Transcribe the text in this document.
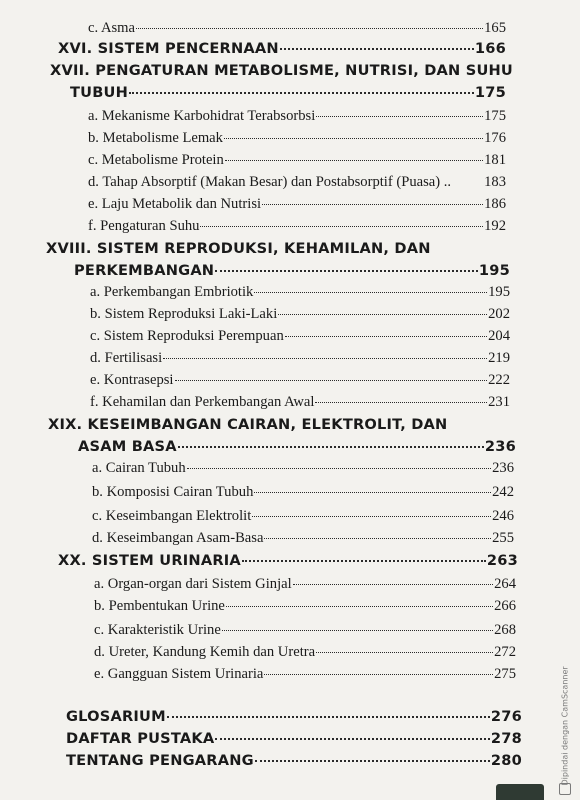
c. Asma	165
XVI. SISTEM PENCERNAAN	166
XVII. PENGATURAN METABOLISME, NUTRISI, DAN SUHU
TUBUH	175
a. Mekanisme Karbohidrat Terabsorbsi	175
b. Metabolisme Lemak	176
c. Metabolisme Protein	181
d. Tahap Absorptif (Makan Besar) dan Postabsorptif (Puasa) .. 183
e. Laju Metabolik dan Nutrisi	186
f. Pengaturan Suhu	192
XVIII. SISTEM REPRODUKSI, KEHAMILAN, DAN
PERKEMBANGAN	195
a. Perkembangan Embriotik	195
b. Sistem Reproduksi Laki-Laki	202
c. Sistem Reproduksi Perempuan	204
d. Fertilisasi	219
e. Kontrasepsi	222
f. Kehamilan dan Perkembangan Awal	231
XIX. KESEIMBANGAN CAIRAN, ELEKTROLIT, DAN
ASAM BASA	236
a. Cairan Tubuh	236
b. Komposisi Cairan Tubuh	242
c. Keseimbangan Elektrolit	246
d. Keseimbangan Asam-Basa	255
XX. SISTEM URINARIA	263
a. Organ-organ dari Sistem Ginjal	264
b. Pembentukan Urine	266
c. Karakteristik Urine	268
d. Ureter, Kandung Kemih dan Uretra	272
e. Gangguan Sistem Urinaria	275
GLOSARIUM	276
DAFTAR PUSTAKA	278
TENTANG PENGARANG	280	Dipindai dengan CamScanner
